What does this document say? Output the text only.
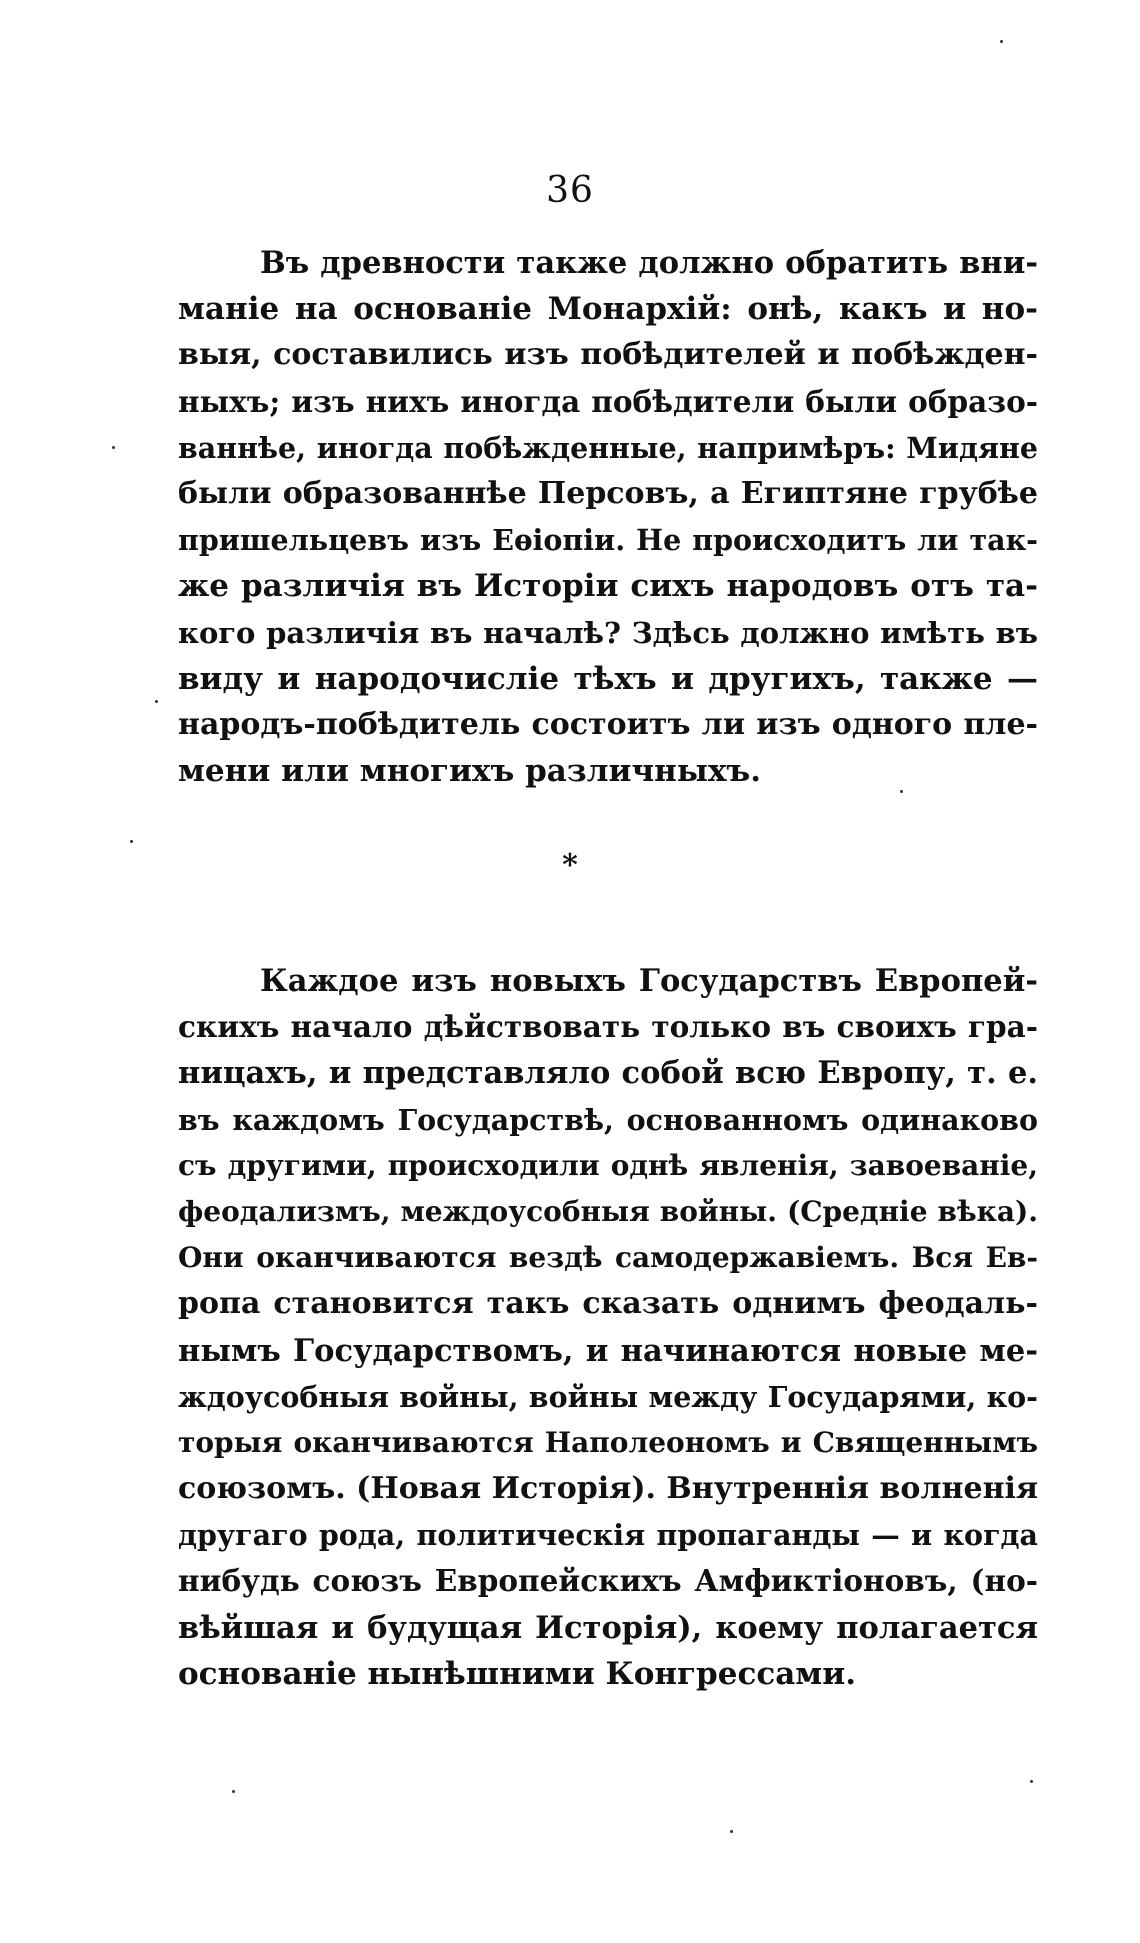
36
Въ древности также должно обратить вни-
маніе на основаніе Монархій: онѣ, какъ и но-
выя, составились изъ побѣдителей и побѣжден-
ныхъ; изъ нихъ иногда побѣдители были образо-
ваннѣе, иногда побѣжденные, напримѣръ: Мидяне
были образованнѣе Персовъ, а Египтяне грубѣе
пришельцевъ изъ Еѳіопіи. Не происходитъ ли так-
же различія въ Исторіи сихъ народовъ отъ та-
кого различія въ началѣ? Здѣсь должно имѣть въ
виду и народочисліе тѣхъ и другихъ, также —
народъ-побѣдитель состоитъ ли изъ одного пле-
мени или многихъ различныхъ.
*
Каждое изъ новыхъ Государствъ Европей-
скихъ начало дѣйствовать только въ своихъ гра-
ницахъ, и представляло собой всю Европу, т. е.
въ каждомъ Государствѣ, основанномъ одинаково
съ другими, происходили однѣ явленія, завоеваніе,
феодализмъ, междоусобныя войны. (Средніе вѣка).
Они оканчиваются вездѣ самодержавіемъ. Вся Ев-
ропа становится такъ сказать однимъ феодаль-
нымъ Государствомъ, и начинаются новые ме-
ждоусобныя войны, войны между Государями, ко-
торыя оканчиваются Наполеономъ и Священнымъ
союзомъ. (Новая Исторія). Внутреннія волненія
другаго рода, политическія пропаганды — и когда
нибудь союзъ Европейскихъ Амфиктіоновъ, (но-
вѣйшая и будущая Исторія), коему полагается
основаніе нынѣшними Конгрессами.
